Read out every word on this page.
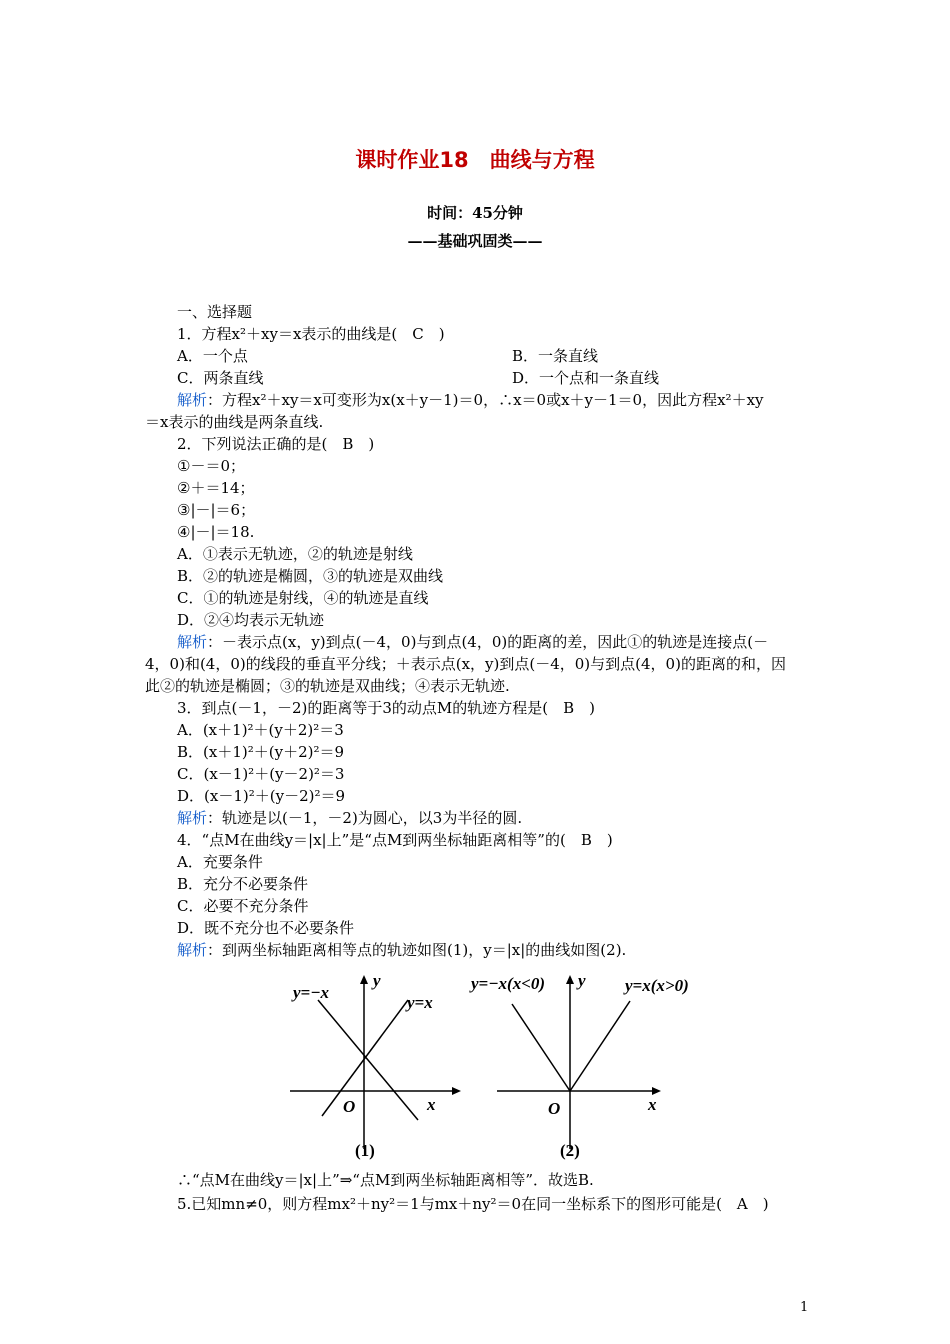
课时作业18　曲线与方程
时间：45分钟
——基础巩固类——
一、选择题
1．方程x²＋xy＝x表示的曲线是(　C　)
A．一个点	B．一条直线
C．两条直线	D．一个点和一条直线
解析：方程x²＋xy＝x可变形为x(x＋y－1)＝0，∴x＝0或x＋y－1＝0，因此方程x²＋xy
＝x表示的曲线是两条直线.
2．下列说法正确的是(　B　)
①－＝0；
②＋＝14；
③|－|＝6；
④|－|＝18.
A．①表示无轨迹，②的轨迹是射线
B．②的轨迹是椭圆，③的轨迹是双曲线
C．①的轨迹是射线，④的轨迹是直线
D．②④均表示无轨迹
解析：－表示点(x，y)到点(－4，0)与到点(4，0)的距离的差，因此①的轨迹是连接点(－
4，0)和(4，0)的线段的垂直平分线；＋表示点(x，y)到点(－4，0)与到点(4，0)的距离的和，因
此②的轨迹是椭圆；③的轨迹是双曲线；④表示无轨迹.
3．到点(－1，－2)的距离等于3的动点M的轨迹方程是(　B　)
A．(x＋1)²＋(y＋2)²＝3
B．(x＋1)²＋(y＋2)²＝9
C．(x－1)²＋(y－2)²＝3
D．(x－1)²＋(y－2)²＝9
解析：轨迹是以(－1，－2)为圆心，以3为半径的圆.
4．“点M在曲线y＝|x|上”是“点M到两坐标轴距离相等”的(　B　)
A．充要条件
B．充分不必要条件
C．必要不充分条件
D．既不充分也不必要条件
解析：到两坐标轴距离相等点的轨迹如图(1)，y＝|x|的曲线如图(2).
y=−x
y=x
O	x
y
(1)
y=−x(x<0)	y=x(x>0)
O	x
y
(2)
∴“点M在曲线y＝|x|上”⇒“点M到两坐标轴距离相等”．故选B.
5.已知mn≠0，则方程mx²＋ny²＝1与mx＋ny²＝0在同一坐标系下的图形可能是(　A　)
1
